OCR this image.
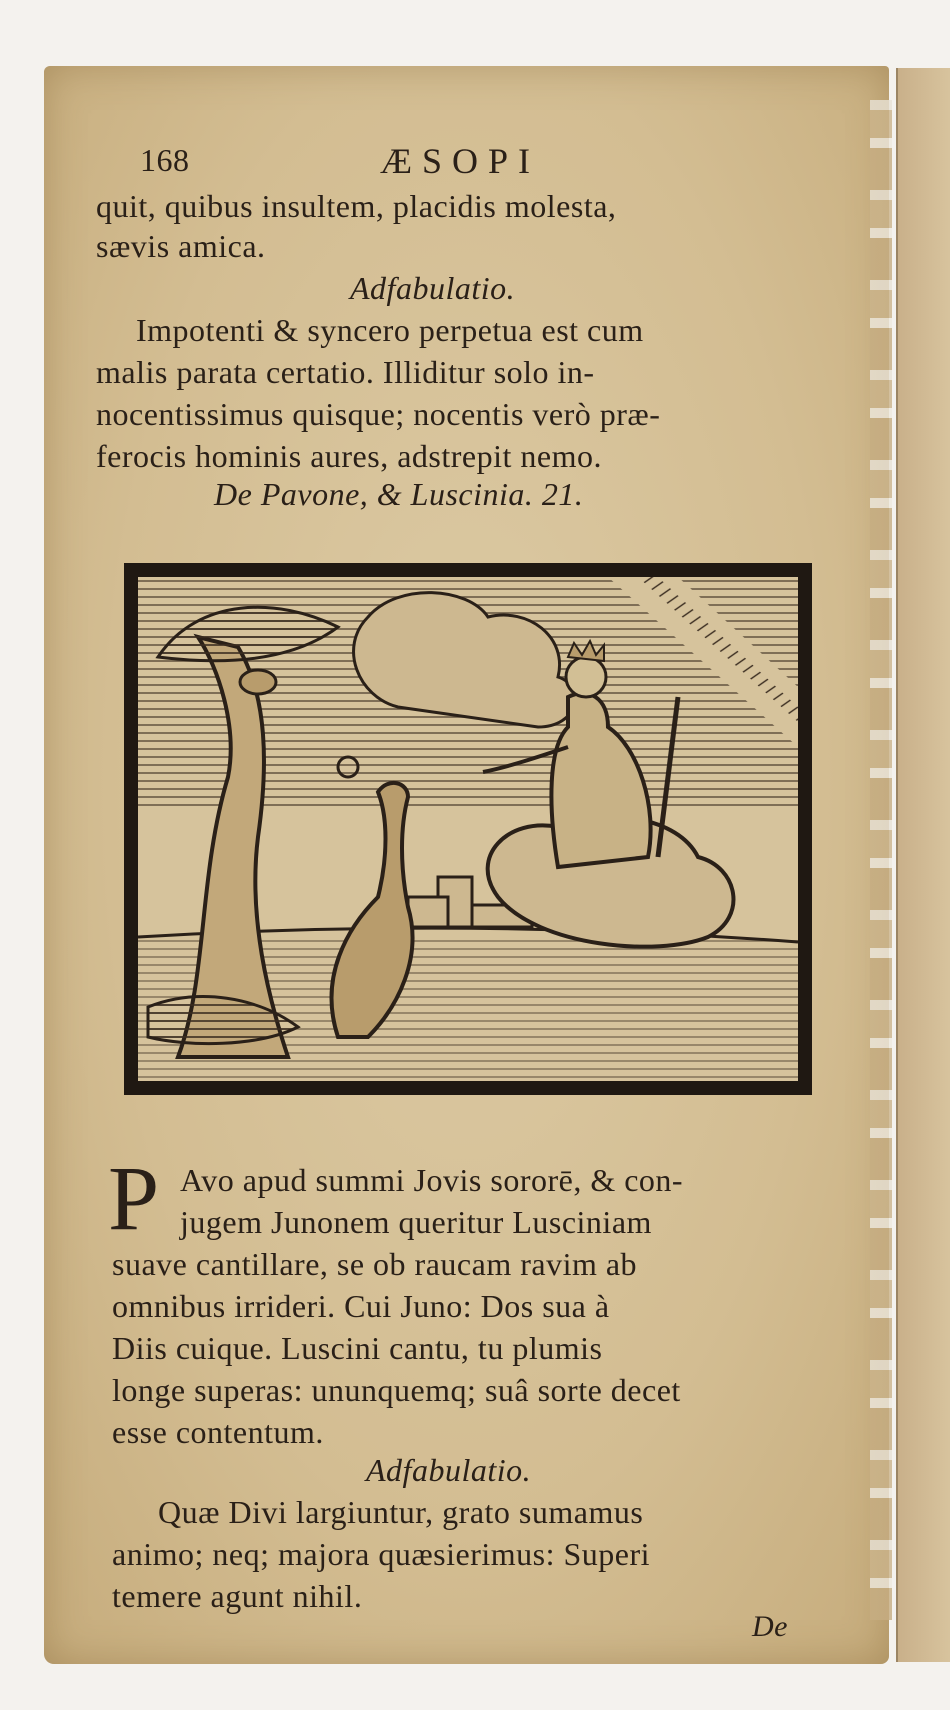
168	ÆSOPI
quit, quibus insultem, placidis molesta,
sævis amica.
Adfabulatio.
Impotenti & syncero perpetua est cum
malis parata certatio. Illiditur solo in-
nocentissimus quisque; nocentis verò præ-
ferocis hominis aures, adstrepit nemo.
De Pavone, & Luscinia. 21.
P Avo apud summi Jovis sororē, & con-
jugem Junonem queritur Lusciniam
suave cantillare, se ob raucam ravim ab
omnibus irrideri. Cui Juno: Dos sua à
Diis cuique. Luscini cantu, tu plumis
longe superas: ununquemq; suâ sorte decet
esse contentum.
Adfabulatio.
Quæ Divi largiuntur, grato sumamus
animo; neq; majora quæsierimus: Superi
temere agunt nihil.
De
